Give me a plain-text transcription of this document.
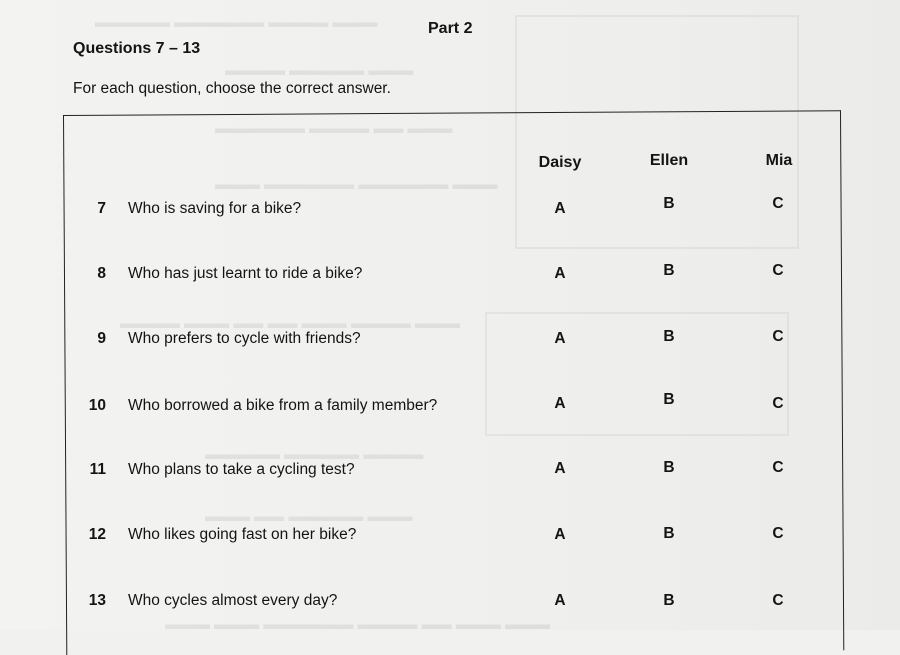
▬▬▬ ▬▬▬▬ ▬▬▬▬▬▬ ▬▬▬▬▬
▬▬▬ ▬▬▬▬▬ ▬▬▬▬
▬▬▬ ▬▬ ▬▬▬▬ ▬▬▬▬▬▬
▬▬▬ ▬▬▬▬▬▬ ▬▬▬▬▬▬ ▬▬▬
▬▬▬ ▬▬▬▬ ▬▬▬ ▬▬ ▬▬ ▬▬▬ ▬▬▬▬
▬▬▬▬ ▬▬▬▬▬ ▬▬▬▬▬
▬▬▬ ▬▬▬▬▬ ▬▬ ▬▬▬
▬▬▬ ▬▬▬ ▬▬ ▬▬▬▬ ▬▬▬▬▬▬ ▬▬▬ ▬▬▬
Part 2
Questions 7 – 13
For each question, choose the correct answer.
Daisy	Ellen	Mia
7 Who is saving for a bike?	A	B	C
8 Who has just learnt to ride a bike?	A	B	C
9 Who prefers to cycle with friends?	A	B	C
10 Who borrowed a bike from a family member?	A	B	C
11 Who plans to take a cycling test?	A	B	C
12 Who likes going fast on her bike?	A	B	C
13 Who cycles almost every day?	A	B	C
